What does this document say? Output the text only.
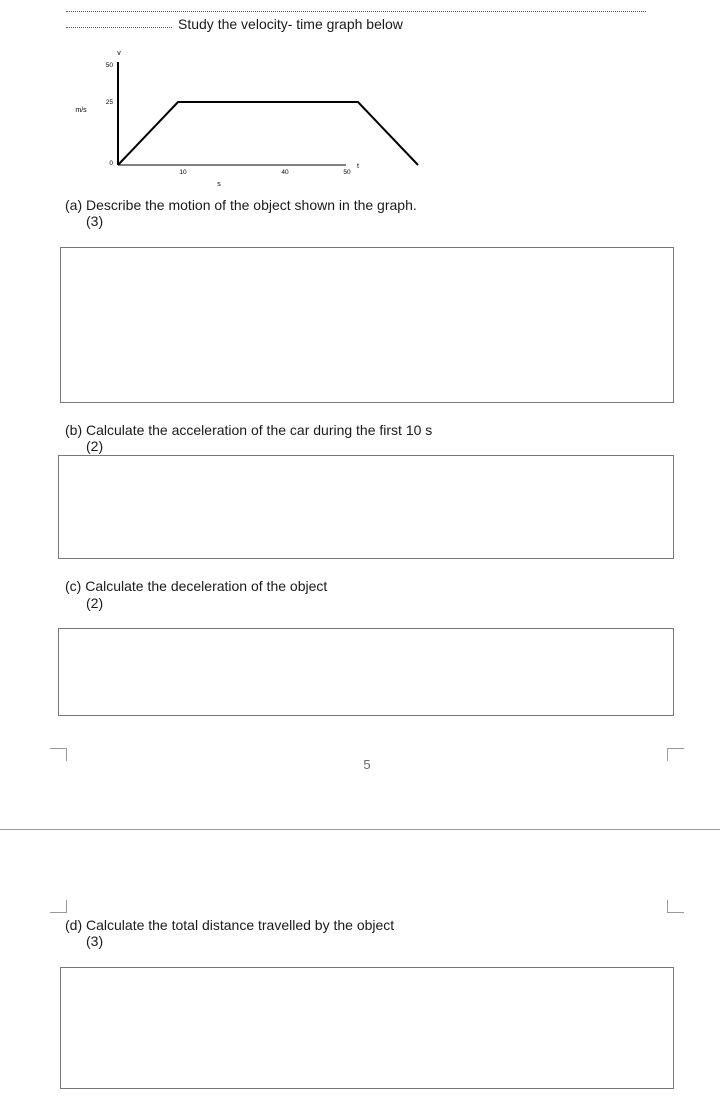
Study the velocity- time graph below
v
t
m/s
s
0
25
50
10	40	50
(a) Describe the motion of the object shown in the graph.
(3)
(b) Calculate the acceleration of the car during the first 10 s
(2)
(c) Calculate the deceleration of the object
(2)
5
(d) Calculate the total distance travelled by the object
(3)
